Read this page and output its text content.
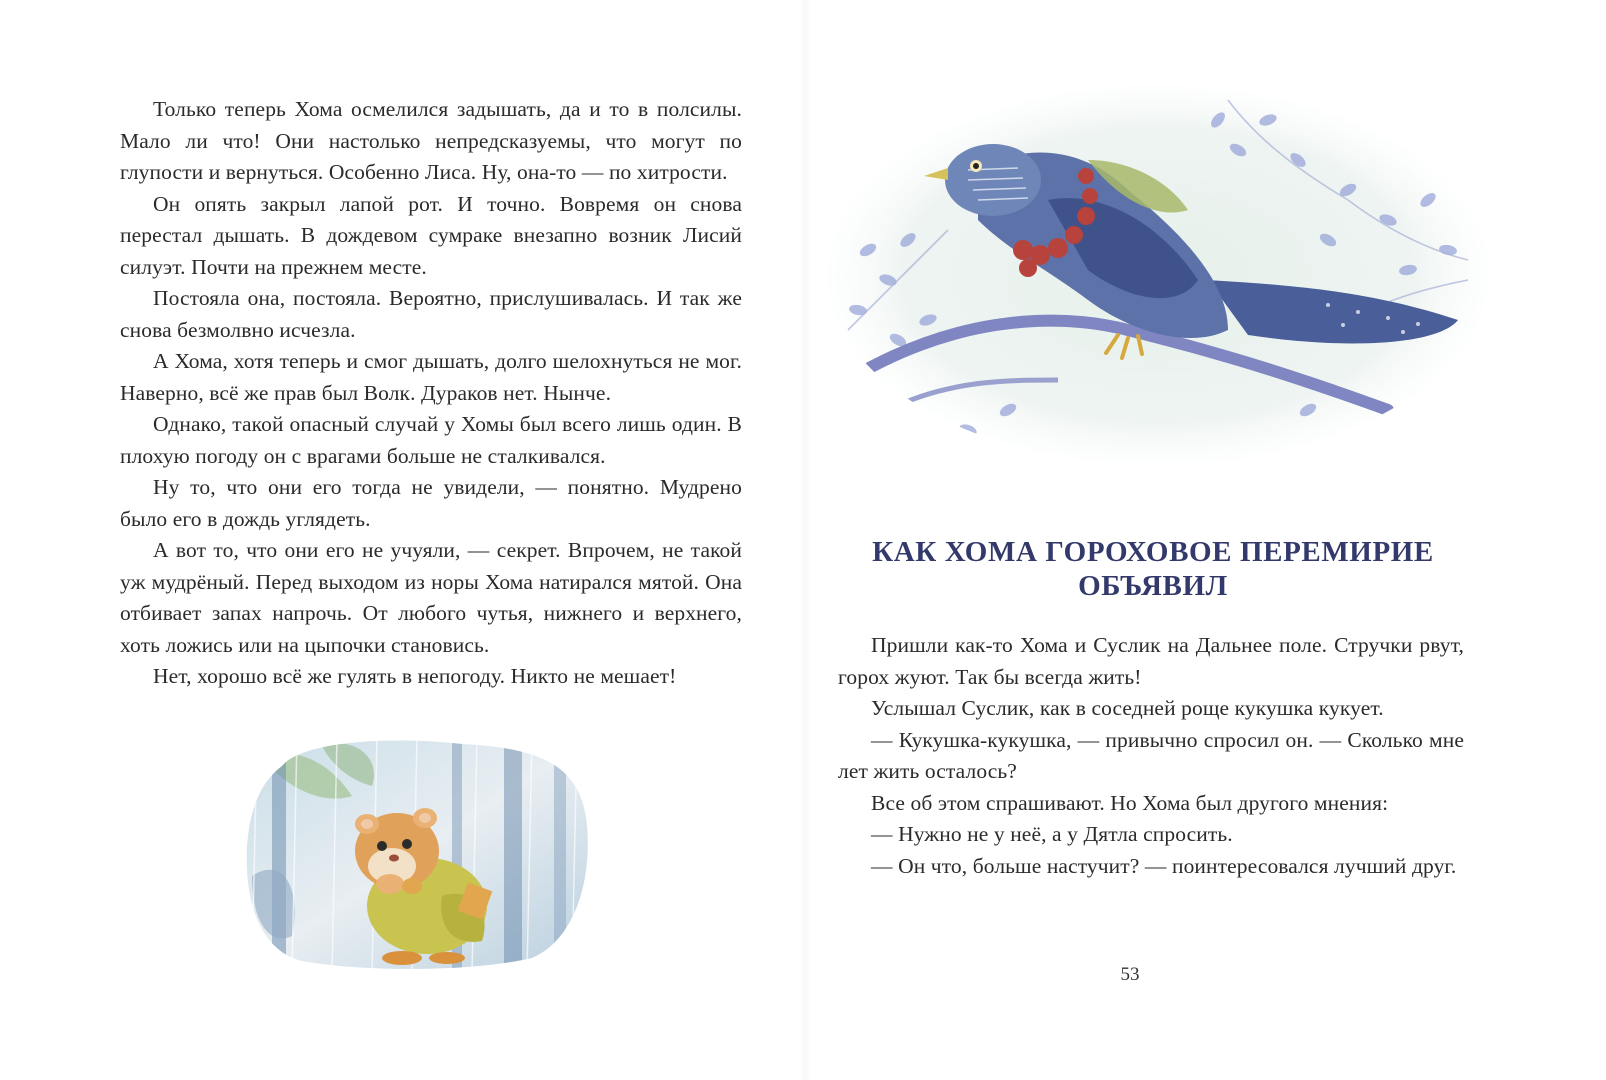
Только теперь Хома осмелился задышать, да и то в полсилы. Мало ли что! Они настолько непредсказуемы, что могут по глупости и вернуться. Особенно Лиса. Ну, она-то — по хитрости.

Он опять закрыл лапой рот. И точно. Вовремя он снова перестал дышать. В дождевом сумраке внезапно возник Лисий силуэт. Почти на прежнем месте.

Постояла она, постояла. Вероятно, прислушивалась. И так же снова безмолвно исчезла.

А Хома, хотя теперь и смог дышать, долго шелохнуться не мог. Наверно, всё же прав был Волк. Дураков нет. Нынче.

Однако, такой опасный случай у Хомы был всего лишь один. В плохую погоду он с врагами больше не сталкивался.

Ну то, что они его тогда не увидели, — понятно. Мудрено было его в дождь углядеть.

А вот то, что они его не учуяли, — секрет. Впрочем, не такой уж мудрёный. Перед выходом из норы Хома натирался мятой. Она отбивает запах напрочь. От любого чутья, нижнего и верхнего, хоть ложись или на цыпочки становись.

Нет, хорошо всё же гулять в непогоду. Никто не мешает!

КАК ХОМА ГОРОХОВОЕ ПЕРЕМИРИЕ ОБЪЯВИЛ

Пришли как-то Хома и Суслик на Дальнее поле. Стручки рвут, горох жуют. Так бы всегда жить!

Услышал Суслик, как в соседней роще кукушка кукует.

— Кукушка-кукушка, — привычно спросил он. — Сколько мне лет жить осталось?

Все об этом спрашивают. Но Хома был другого мнения:

— Нужно не у неё, а у Дятла спросить.

— Он что, больше настучит? — поинтересовался лучший друг.

53
